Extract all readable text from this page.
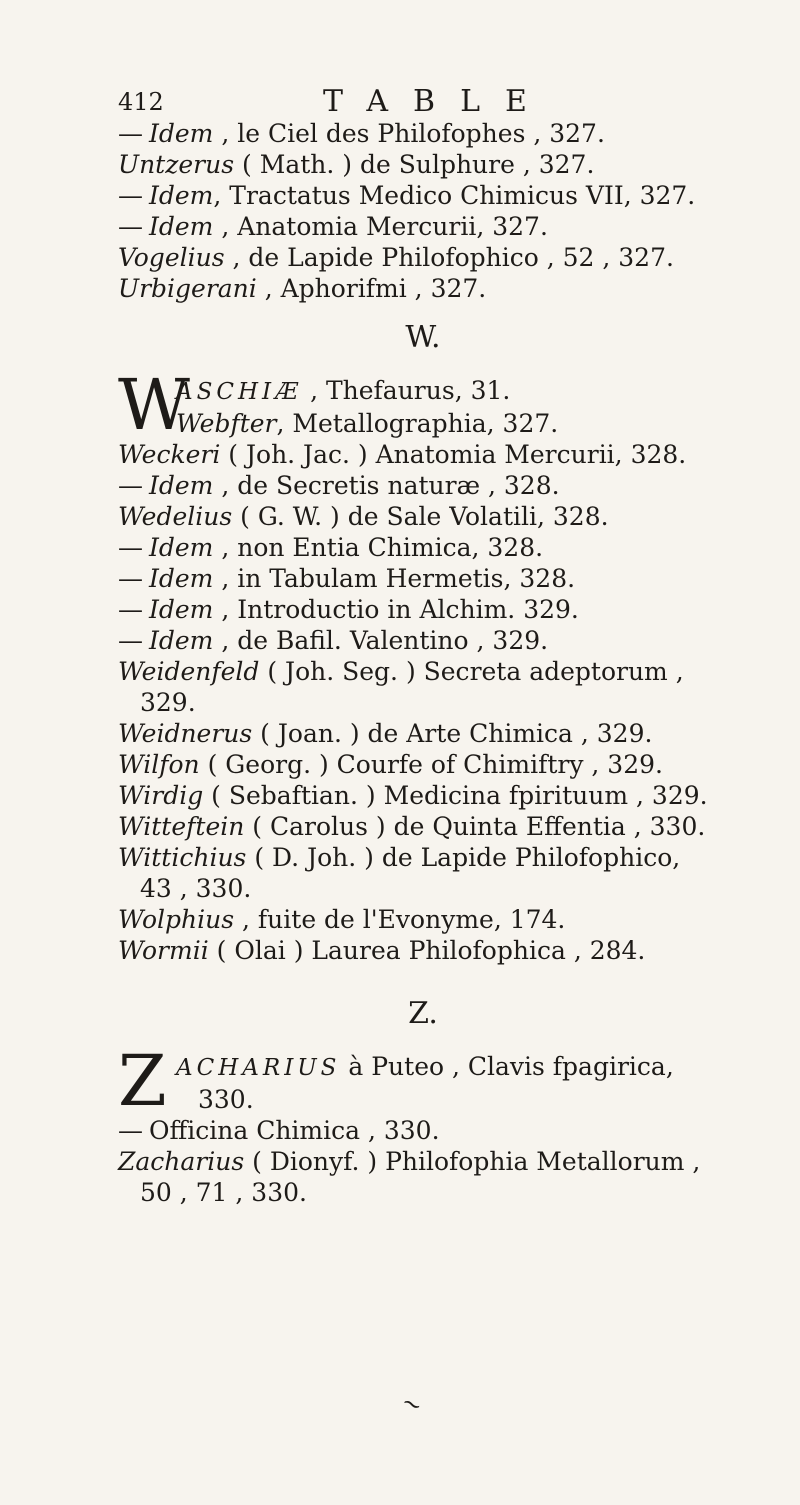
412	TABLE
— Idem , le Ciel des Philofophes , 327.
Untzerus ( Math. ) de Sulphure , 327.
— Idem, Tractatus Medico Chimicus VII, 327.
— Idem , Anatomia Mercurii, 327.
Vogelius , de Lapide Philofophico , 52 , 327.
Urbigerani , Aphorifmi , 327.
W.
W
ASCHIÆ , Thefaurus, 31.
Webfter, Metallographia, 327.
Weckeri ( Joh. Jac. ) Anatomia Mercurii, 328.
— Idem , de Secretis naturæ , 328.
Wedelius ( G. W. ) de Sale Volatili, 328.
— Idem , non Entia Chimica, 328.
— Idem , in Tabulam Hermetis, 328.
— Idem , Introductio in Alchim. 329.
— Idem , de Bafil. Valentino , 329.
Weidenfeld ( Joh. Seg. ) Secreta adeptorum ,
329.
Weidnerus ( Joan. ) de Arte Chimica , 329.
Wilfon ( Georg. ) Courfe of Chimiftry , 329.
Wirdig ( Sebaftian. ) Medicina fpirituum , 329.
Witteftein ( Carolus ) de Quinta Effentia , 330.
Wittichius ( D. Joh. ) de Lapide Philofophico,
43 , 330.
Wolphius , fuite de l'Evonyme, 174.
Wormii ( Olai ) Laurea Philofophica , 284.
Z.
Z ACHARIUS à Puteo , Clavis fpagirica,
330.
— Officina Chimica , 330.
Zacharius ( Dionyf. ) Philofophia Metallorum ,
50 , 71 , 330.
~
